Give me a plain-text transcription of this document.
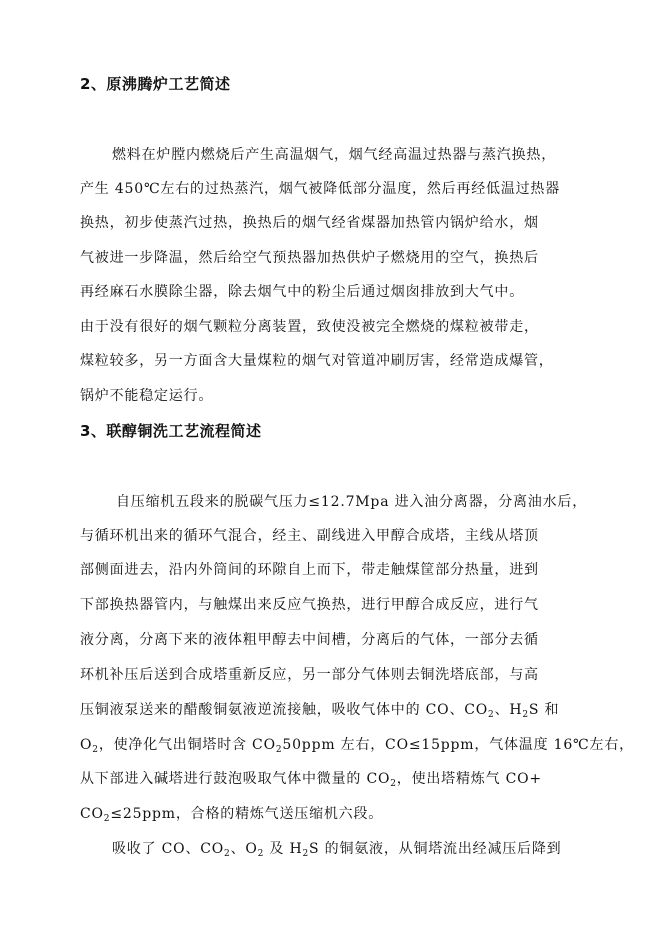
2、原沸腾炉工艺简述
燃料在炉膛内燃烧后产生高温烟气，烟气经高温过热器与蒸汽换热，
产生 450℃左右的过热蒸汽，烟气被降低部分温度，然后再经低温过热器
换热，初步使蒸汽过热，换热后的烟气经省煤器加热管内锅炉给水，烟
气被进一步降温，然后给空气预热器加热供炉子燃烧用的空气，换热后
再经麻石水膜除尘器，除去烟气中的粉尘后通过烟囱排放到大气中。
由于没有很好的烟气颗粒分离装置，致使没被完全燃烧的煤粒被带走，
煤粒较多，另一方面含大量煤粒的烟气对管道冲刷厉害，经常造成爆管，
锅炉不能稳定运行。
3、联醇铜洗工艺流程简述
自压缩机五段来的脱碳气压力≤12.7Mpa 进入油分离器，分离油水后，
与循环机出来的循环气混合，经主、副线进入甲醇合成塔，主线从塔顶
部侧面进去，沿内外筒间的环隙自上而下，带走触煤筐部分热量，进到
下部换热器管内，与触煤出来反应气换热，进行甲醇合成反应，进行气
液分离，分离下来的液体粗甲醇去中间槽，分离后的气体，一部分去循
环机补压后送到合成塔重新反应，另一部分气体则去铜洗塔底部，与高
压铜液泵送来的醋酸铜氨液逆流接触，吸收气体中的 CO、$CO_2$、$H_2S$ 和
$O_2$，使净化气出铜塔时含 $CO_250ppm$ 左右，CO≤15ppm，气体温度 16℃左右，
从下部进入碱塔进行鼓泡吸取气体中微量的 $CO_2$，使出塔精炼气 CO+
$CO_2\le 25ppm$，合格的精炼气送压缩机六段。
吸收了 CO、$CO_2$、$O_2$ 及 $H_2S$ 的铜氨液，从铜塔流出经减压后降到
